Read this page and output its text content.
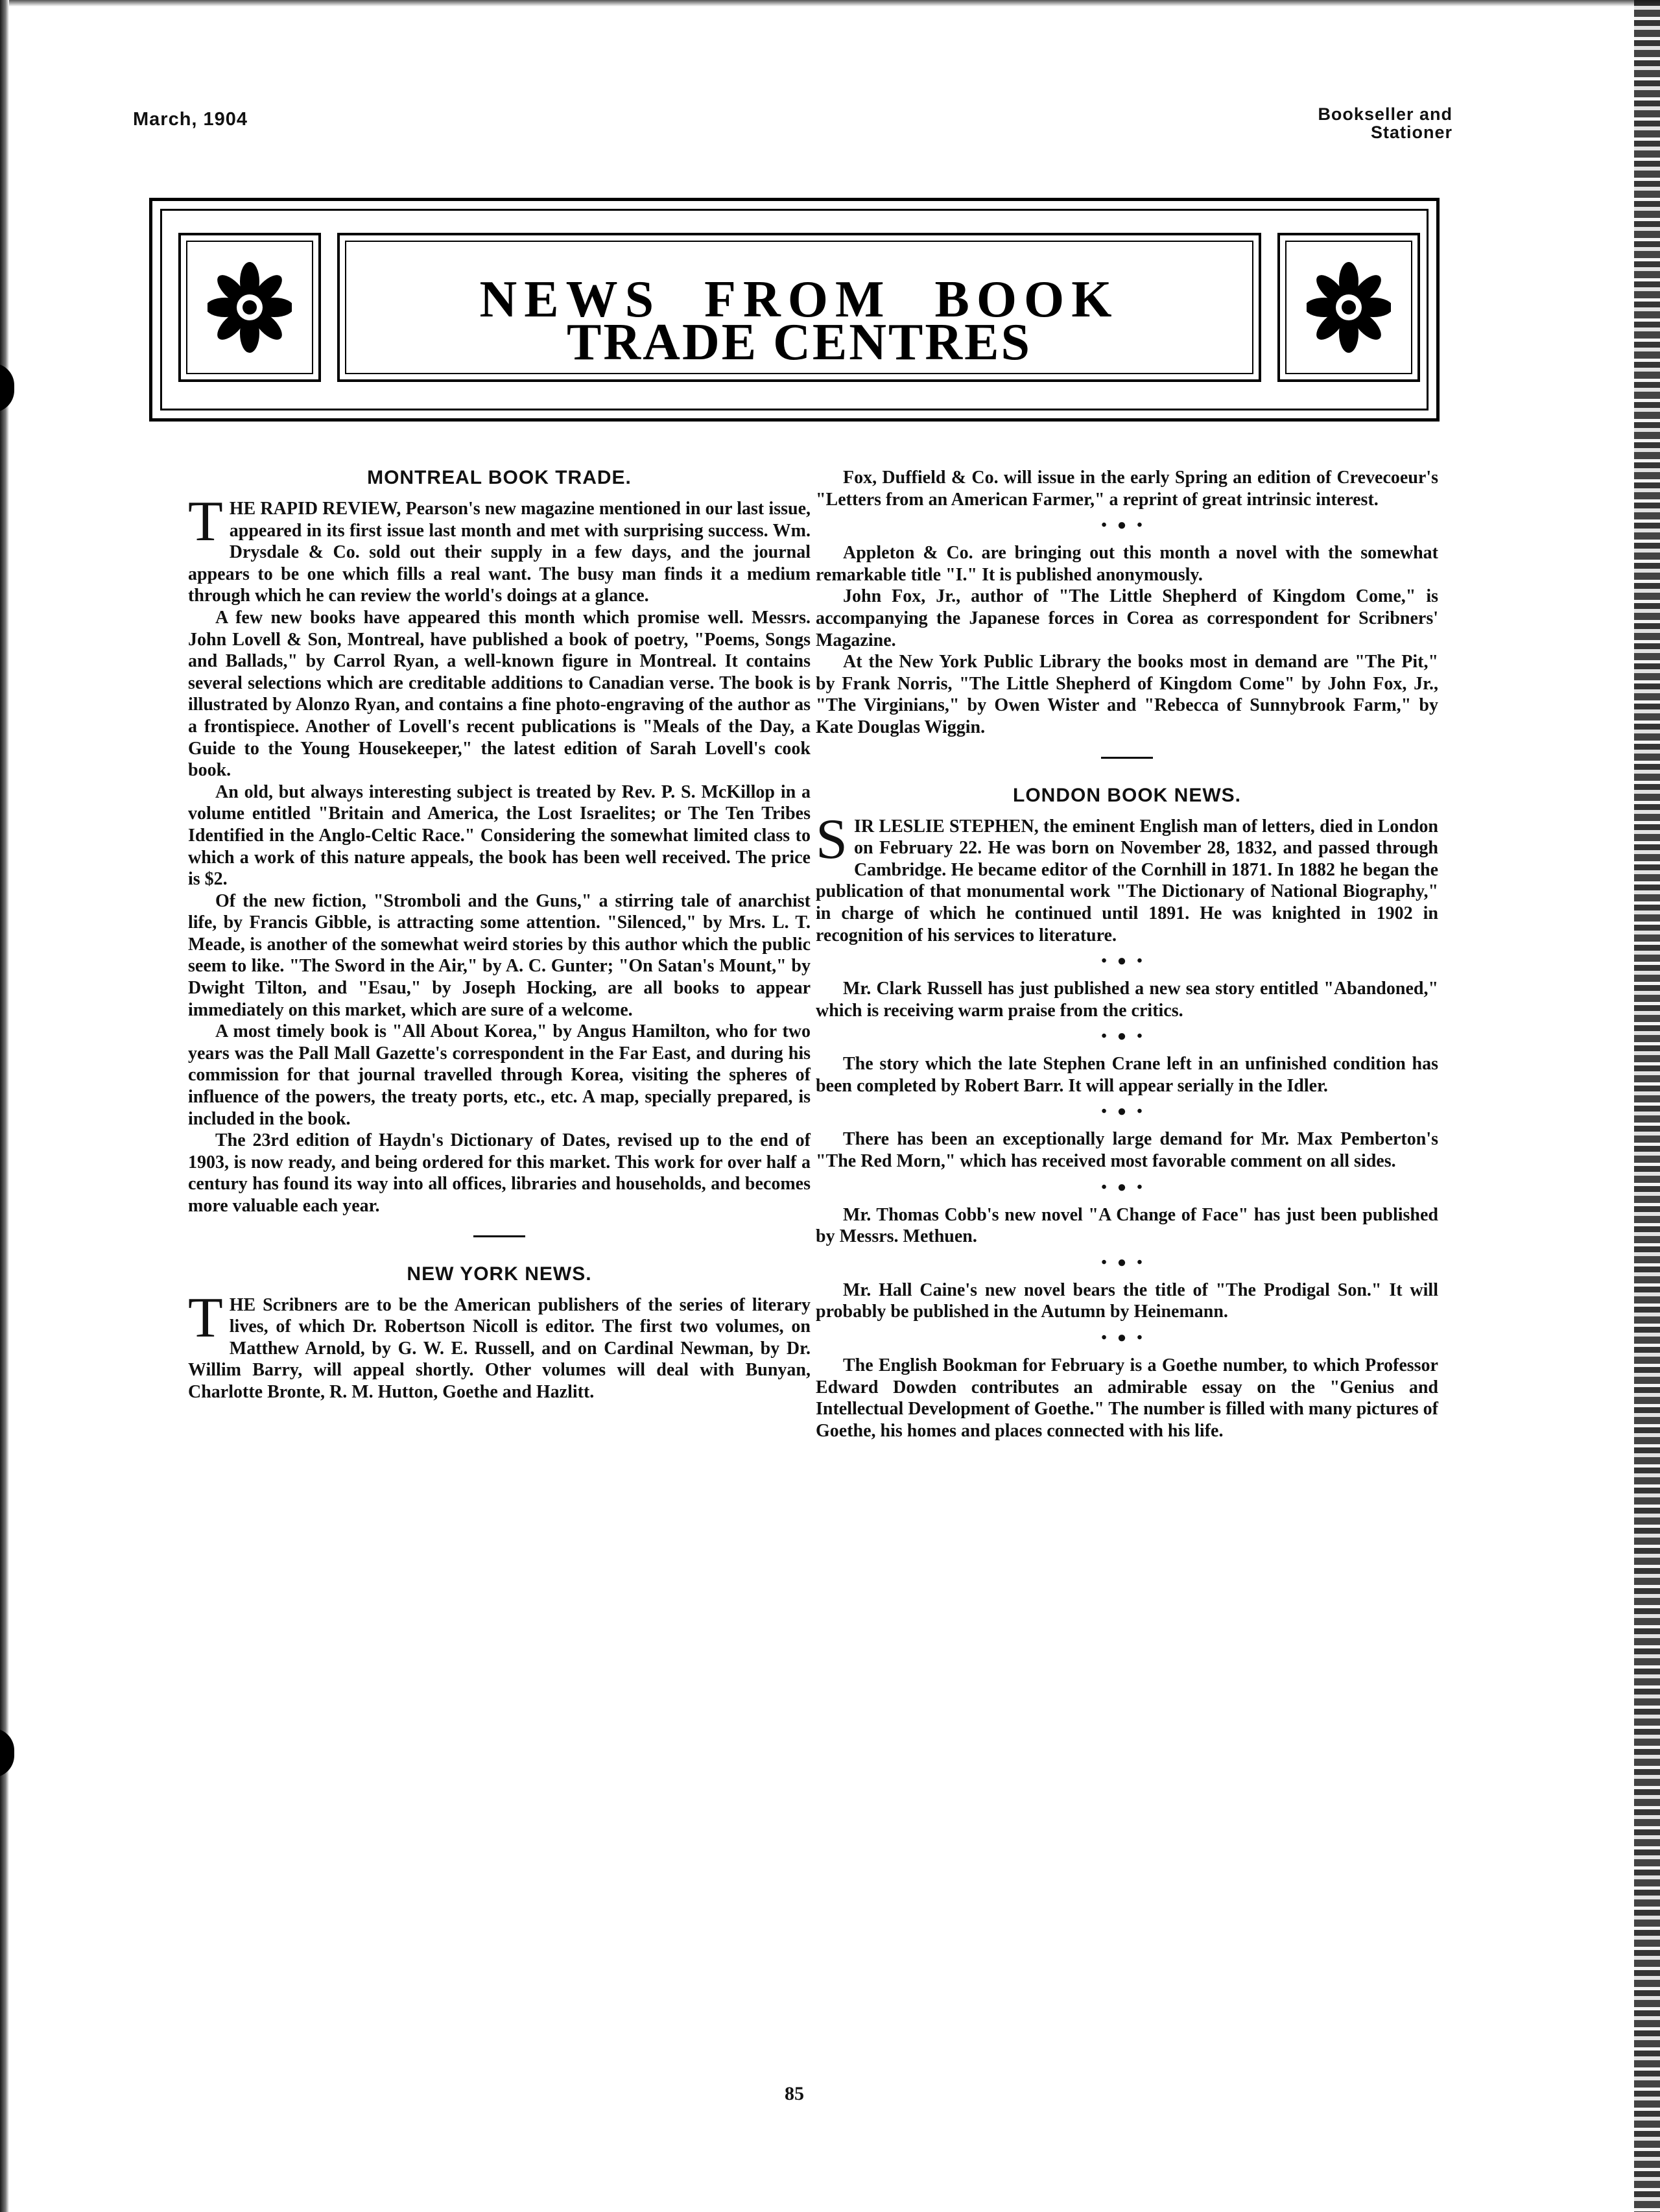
March, 1904	Bookseller and
Stationer
NEWS FROM BOOK
TRADE CENTRES
MONTREAL BOOK TRADE.

THE RAPID REVIEW, Pearson's new magazine mentioned in our last issue, appeared in its first issue last month and met with surprising success. Wm. Drysdale & Co. sold out their supply in a few days, and the journal appears to be one which fills a real want. The busy man finds it a medium through which he can review the world's doings at a glance.

A few new books have appeared this month which promise well. Messrs. John Lovell & Son, Montreal, have published a book of poetry, "Poems, Songs and Ballads," by Carrol Ryan, a well-known figure in Montreal. It contains several selections which are creditable additions to Canadian verse. The book is illustrated by Alonzo Ryan, and contains a fine photo-engraving of the author as a frontispiece. Another of Lovell's recent publications is "Meals of the Day, a Guide to the Young Housekeeper," the latest edition of Sarah Lovell's cook book.

An old, but always interesting subject is treated by Rev. P. S. McKillop in a volume entitled "Britain and America, the Lost Israelites; or The Ten Tribes Identified in the Anglo-Celtic Race." Considering the somewhat limited class to which a work of this nature appeals, the book has been well received. The price is $2.

Of the new fiction, "Stromboli and the Guns," a stirring tale of anarchist life, by Francis Gibble, is attracting some attention. "Silenced," by Mrs. L. T. Meade, is another of the somewhat weird stories by this author which the public seem to like. "The Sword in the Air," by A. C. Gunter; "On Satan's Mount," by Dwight Tilton, and "Esau," by Joseph Hocking, are all books to appear immediately on this market, which are sure of a welcome.

A most timely book is "All About Korea," by Angus Hamilton, who for two years was the Pall Mall Gazette's correspondent in the Far East, and during his commission for that journal travelled through Korea, visiting the spheres of influence of the powers, the treaty ports, etc., etc. A map, specially prepared, is included in the book.

The 23rd edition of Haydn's Dictionary of Dates, revised up to the end of 1903, is now ready, and being ordered for this market. This work for over half a century has found its way into all offices, libraries and households, and becomes more valuable each year.

NEW YORK NEWS.

THE Scribners are to be the American publishers of the series of literary lives, of which Dr. Robertson Nicoll is editor. The first two volumes, on Matthew Arnold, by G. W. E. Russell, and on Cardinal Newman, by Dr. Willim Barry, will appeal shortly. Other volumes will deal with Bunyan, Charlotte Bronte, R. M. Hutton, Goethe and Hazlitt.

Fox, Duffield & Co. will issue in the early Spring an edition of Crevecoeur's "Letters from an American Farmer," a reprint of great intrinsic interest.

•●•

Appleton & Co. are bringing out this month a novel with the somewhat remarkable title "I." It is published anonymously.

John Fox, Jr., author of "The Little Shepherd of Kingdom Come," is accompanying the Japanese forces in Corea as correspondent for Scribners' Magazine.

At the New York Public Library the books most in demand are "The Pit," by Frank Norris, "The Little Shepherd of Kingdom Come" by John Fox, Jr., "The Virginians," by Owen Wister and "Rebecca of Sunnybrook Farm," by Kate Douglas Wiggin.

LONDON BOOK NEWS.

SIR LESLIE STEPHEN, the eminent English man of letters, died in London on February 22. He was born on November 28, 1832, and passed through Cambridge. He became editor of the Cornhill in 1871. In 1882 he began the publication of that monumental work "The Dictionary of National Biography," in charge of which he continued until 1891. He was knighted in 1902 in recognition of his services to literature.

•●•

Mr. Clark Russell has just published a new sea story entitled "Abandoned," which is receiving warm praise from the critics.

•●•

The story which the late Stephen Crane left in an unfinished condition has been completed by Robert Barr. It will appear serially in the Idler.

•●•

There has been an exceptionally large demand for Mr. Max Pemberton's "The Red Morn," which has received most favorable comment on all sides.

•●•

Mr. Thomas Cobb's new novel "A Change of Face" has just been published by Messrs. Methuen.

•●•

Mr. Hall Caine's new novel bears the title of "The Prodigal Son." It will probably be published in the Autumn by Heinemann.

•●•

The English Bookman for February is a Goethe number, to which Professor Edward Dowden contributes an admirable essay on the "Genius and Intellectual Development of Goethe." The number is filled with many pictures of Goethe, his homes and places connected with his life.

85
